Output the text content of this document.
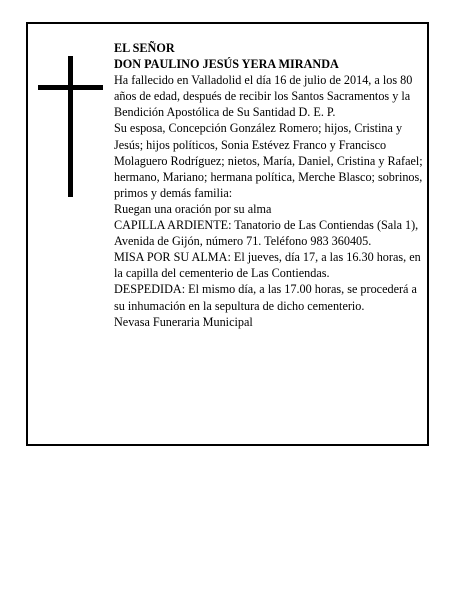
EL SEÑOR

DON PAULINO JESÚS YERA MIRANDA

Ha fallecido en Valladolid el día 16 de julio de 2014, a los 80 años de edad, después de recibir los Santos Sacramentos y la Bendición Apostólica de Su Santidad D. E. P.

Su esposa, Concepción González Romero; hijos, Cristina y Jesús; hijos políticos, Sonia Estévez Franco y Francisco Molaguero Rodríguez; nietos, María, Daniel, Cristina y Rafael; hermano, Mariano; hermana política, Merche Blasco; sobrinos, primos y demás familia:

Ruegan una oración por su alma

CAPILLA ARDIENTE: Tanatorio de Las Contiendas (Sala 1), Avenida de Gijón, número 71. Teléfono 983 360405.

MISA POR SU ALMA: El jueves, día 17, a las 16.30 horas, en la capilla del cementerio de Las Contiendas.

DESPEDIDA: El mismo día, a las 17.00 horas, se procederá a su inhumación en la sepultura de dicho cementerio.

Nevasa Funeraria Municipal
